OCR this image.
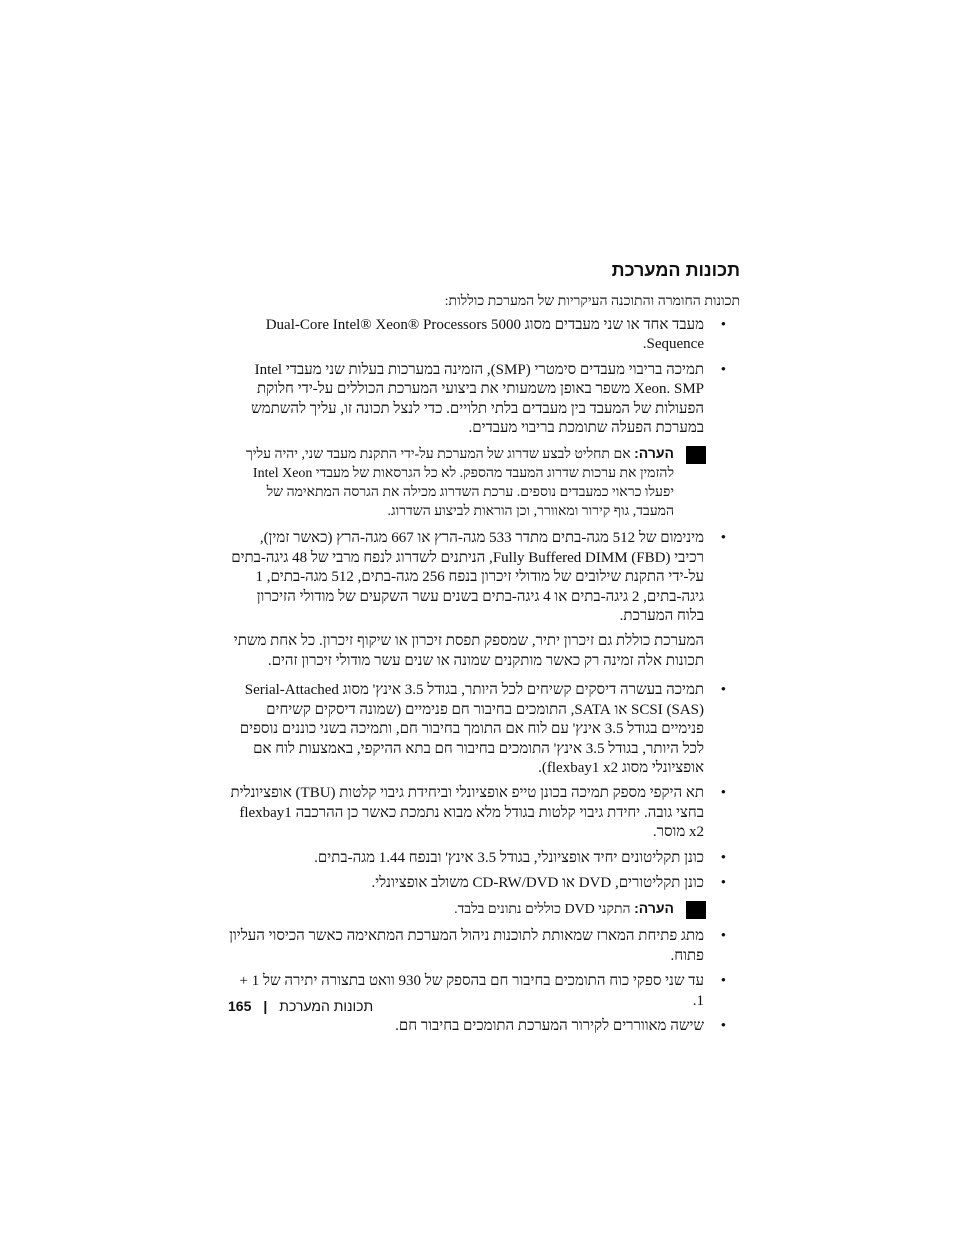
תכונות המערכת

תכונות החומרה והתוכנה העיקריות של המערכת כוללות:

• מעבד אחד או שני מעבדים מסוג Dual-Core Intel® Xeon® Processors 5000 Sequence.
• תמיכה בריבוי מעבדים סימטרי (SMP), הזמינה במערכות בעלות שני מעבדי Intel Xeon. SMP משפר באופן משמעותי את ביצועי המערכת הכוללים על-ידי חלוקת הפעולות של המעבד בין מעבדים בלתי תלויים. כדי לנצל תכונה זו, עליך להשתמש במערכת הפעלה שתומכת בריבוי מעבדים.
הערה: אם תחליט לבצע שדרוג של המערכת על-ידי התקנת מעבד שני, יהיה עליך להזמין את ערכות שדרוג המעבד מהספק. לא כל הגרסאות של מעבדי Intel Xeon יפעלו כראוי כמעבדים נוספים. ערכת השדרוג מכילה את הגרסה המתאימה של המעבד, גוף קירור ומאוורר, וכן הוראות לביצוע השדרוג.
• מינימום של 512 מגה-בתים מתדר 533 מגה-הרץ או 667 מגה-הרץ (כאשר זמין), רכיבי Fully Buffered DIMM (FBD), הניתנים לשדרוג לנפח מרבי של 48 גיגה-בתים על-ידי התקנת שילובים של מודולי זיכרון בנפח 256 מגה-בתים, 512 מגה-בתים, 1 גיגה-בתים, 2 גיגה-בתים או 4 גיגה-בתים בשנים עשר השקעים של מודולי הזיכרון בלוח המערכת.

המערכת כוללת גם זיכרון יתיר, שמספק תפסת זיכרון או שיקוף זיכרון. כל אחת משתי תכונות אלה זמינה רק כאשר מותקנים שמונה או שנים עשר מודולי זיכרון זהים.

• תמיכה בעשרה דיסקים קשיחים לכל היותר, בגודל 3.5 אינץ' מסוג Serial-Attached SCSI (SAS) או SATA, התומכים בחיבור חם פנימיים (שמונה דיסקים קשיחים פנימיים בגודל 3.5 אינץ' עם לוח אם התומך בחיבור חם, ותמיכה בשני כוננים נוספים לכל היותר, בגודל 3.5 אינץ' התומכים בחיבור חם בתא ההיקפי, באמצעות לוח אם אופציונלי מסוג flexbay1 x2).
• תא היקפי מספק תמיכה בכונן טייפ אופציונלי וביחידת גיבוי קלטות (TBU) אופציונלית בחצי גובה. יחידת גיבוי קלטות בגודל מלא מבוא נתמכת כאשר כן ההרכבה flexbay1 x2 מוסר.
• כונן תקליטונים יחיד אופציונלי, בגודל 3.5 אינץ' ובנפח 1.44 מגה-בתים.
• כונן תקליטורים, DVD או CD-RW/DVD משולב אופציונלי.
הערה: התקני DVD כוללים נתונים בלבד.
• מתג פתיחת המארז שמאותת לתוכנות ניהול המערכת המתאימה כאשר הכיסוי העליון פתוח.
• עד שני ספקי כוח התומכים בחיבור חם בהספק של 930 וואט בתצורה יתירה של 1 + 1.
• שישה מאווררים לקירור המערכת התומכים בחיבור חם.
165 | תכונות המערכת
